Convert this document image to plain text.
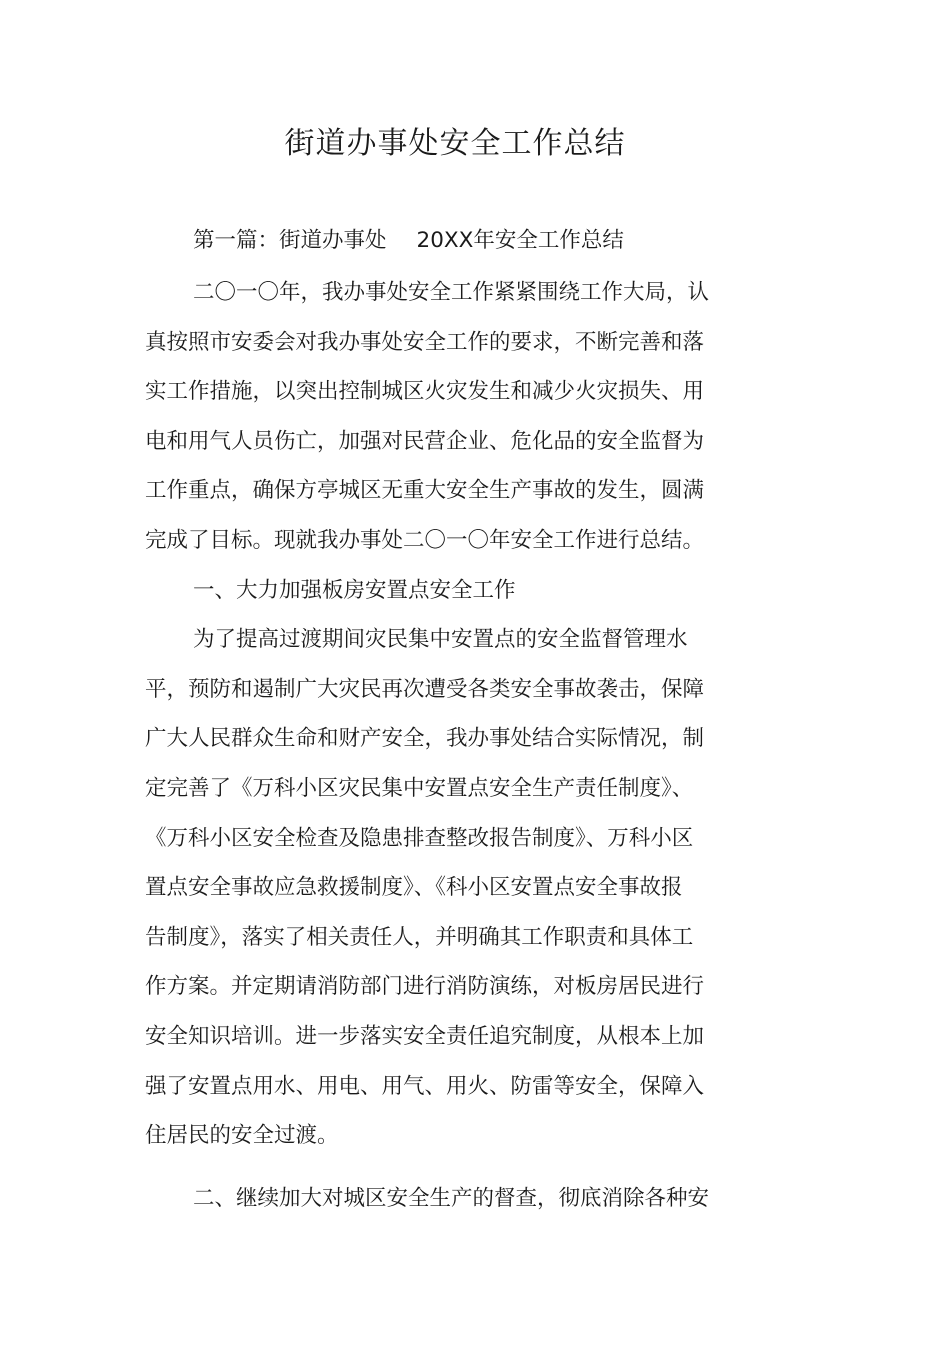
街道办事处安全工作总结

第一篇：街道办事处 20XX年安全工作总结

二〇一〇年，我办事处安全工作紧紧围绕工作大局，认
真按照市安委会对我办事处安全工作的要求，不断完善和落
实工作措施，以突出控制城区火灾发生和减少火灾损失、用
电和用气人员伤亡，加强对民营企业、危化品的安全监督为
工作重点，确保方亭城区无重大安全生产事故的发生，圆满
完成了目标。现就我办事处二〇一〇年安全工作进行总结。
一、大力加强板房安置点安全工作
为了提高过渡期间灾民集中安置点的安全监督管理水
平，预防和遏制广大灾民再次遭受各类安全事故袭击，保障
广大人民群众生命和财产安全，我办事处结合实际情况，制
定完善了《万科小区灾民集中安置点安全生产责任制度》、
《万科小区安全检查及隐患排查整改报告制度》、万科小区
置点安全事故应急救援制度》、《科小区安置点安全事故报
告制度》，落实了相关责任人，并明确其工作职责和具体工
作方案。并定期请消防部门进行消防演练，对板房居民进行
安全知识培训。进一步落实安全责任追究制度，从根本上加
强了安置点用水、用电、用气、用火、防雷等安全，保障入
住居民的安全过渡。
二、继续加大对城区安全生产的督查，彻底消除各种安
